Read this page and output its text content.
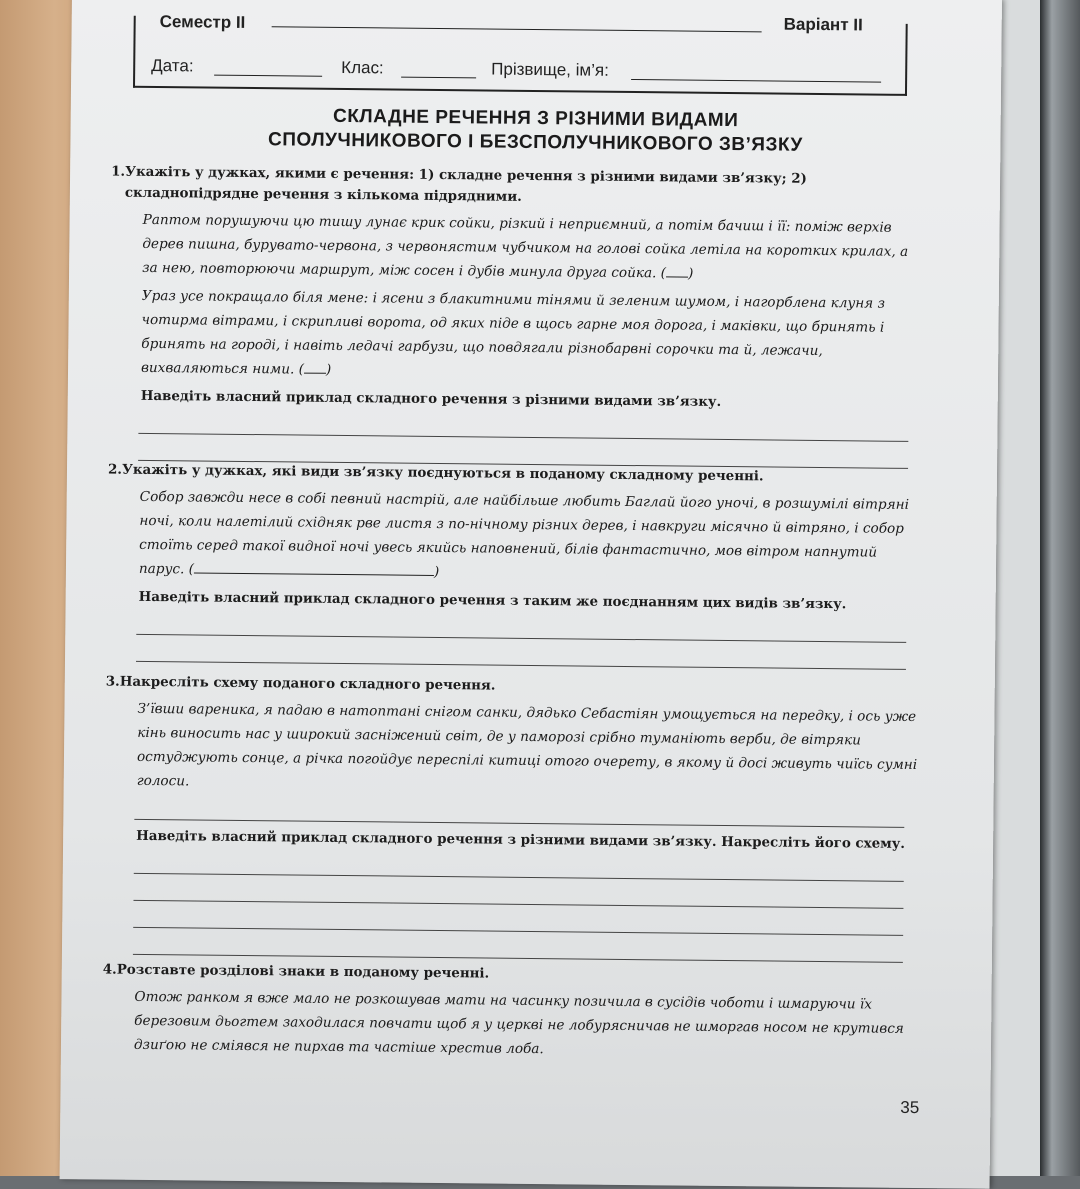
Семестр II	Варіант II
Дата:	Клас:	Прізвище, ім’я:
СКЛАДНЕ РЕЧЕННЯ З РІЗНИМИ ВИДАМИ
СПОЛУЧНИКОВОГО І БЕЗСПОЛУЧНИКОВОГО ЗВ’ЯЗКУ
1. Укажіть у дужках, якими є речення: 1) складне речення з різними видами зв’язку; 2) складнопідрядне речення з кількома підрядними.
Раптом порушуючи цю тишу лунає крик сойки, різкий і неприємний, а потім бачиш і її: поміж верхів дерев пишна, буруватo-червона, з червонястим чубчиком на голові сойка летіла на коротких крилах, а за нею, повторюючи маршрут, між сосен і дубів минула друга сойка. ( )
Ураз усе покращало біля мене: і ясени з блакитними тінями й зеленим шумом, і нагорблена клуня з чотирма вітрами, і скрипливі ворота, од яких піде в щось гарне моя дорога, і маківки, що бринять і бринять на городі, і навіть ледачі гарбузи, що повдягали різнобарвні сорочки та й, лежачи, вихваляються ними. ( )
Наведіть власний приклад складного речення з різними видами зв’язку.
2. Укажіть у дужках, які види зв’язку поєднуються в поданому складному реченні.
Собор завжди несе в собі певний настрій, але найбільше любить Баглай його уночі, в розшумілі вітряні ночі, коли налетілий східняк рве листя з по-нічному різних дерев, і навкруги місячно й вітряно, і собор стоїть серед такої видної ночі увесь якийсь наповнений, білів фантастично, мов вітром напнутий парус. (	)
Наведіть власний приклад складного речення з таким же поєднанням цих видів зв’язку.
3. Накресліть схему поданого складного речення.
З’ївши вареника, я падаю в натоптані снігом санки, дядько Себастіян умощується на передку, і ось уже кінь виносить нас у широкий засніжений світ, де у паморозі срібно туманіють верби, де вітряки остуджують сонце, а річка погойдує переспілі китиці отого очерету, в якому й досі живуть чиїсь сумні голоси.
Наведіть власний приклад складного речення з різними видами зв’язку. Накресліть його схему.
4. Розставте розділові знаки в поданому реченні.
Отож ранком я вже мало не розкошував мати на часинку позичила в сусідів чоботи і шмаруючи їх березовим дьогтем заходилася повчати щоб я у церкві не лобурясничав не шморгав носом не крутився дзиґою не сміявся не пирхав та частіше хрестив лоба.
35
